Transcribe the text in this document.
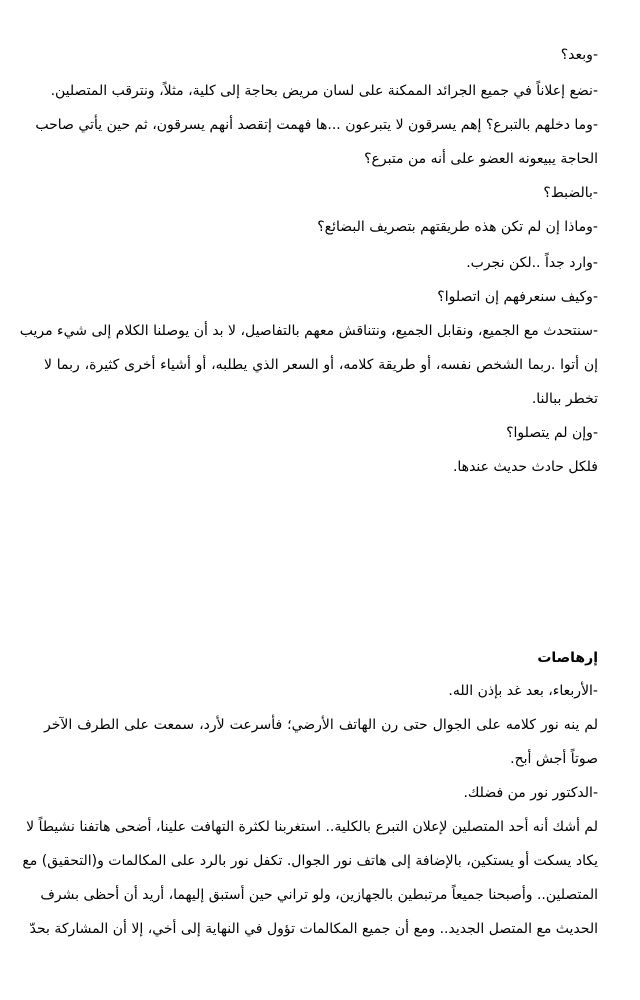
-وبعد؟
-نضع إعلاناً في جميع الجرائد الممكنة على لسان مريض بحاجة إلى كلية، مثلاً، ونترقب المتصلين.
-وما دخلهم بالتبرع؟ إهم يسرقون لا يتبرعون ...ها فهمت إتقصد أنهم يسرقون، ثم حين يأتي صاحب
الحاجة يبيعونه العضو على أنه من متبرع؟
-بالضبط؟
-وماذا إن لم تكن هذه طريقتهم بتصريف البضائع؟
-وارد جداً ..لكن نجرب.
-وكيف سنعرفهم إن اتصلوا؟
-سنتحدث مع الجميع، ونقابل الجميع، ونتناقش معهم بالتفاصيل، لا بد أن يوصلنا الكلام إلى شيء مريب
إن أتوا .ربما الشخص نفسه، أو طريقة كلامه، أو السعر الذي يطلبه، أو أشياء أخرى كثيرة، ربما لا
تخطر ببالنا.
-وإن لم يتصلوا؟
فلكل حادث حديث عندها.
إرهاصات
-الأربعاء، بعد غد بإذن الله.
لم ينه نور كلامه على الجوال حتى رن الهاتف الأرضي؛ فأسرعت لأرد، سمعت على الطرف الآخر
صوتاً أجش أبح.
-الدكتور نور من فضلك.
لم أشك أنه أحد المتصلين لإعلان التبرع بالكلية.. استغربنا لكثرة التهافت علينا، أضحى هاتفنا نشيطاً لا
يكاد يسكت أو يستكين، بالإضافة إلى هاتف نور الجوال. تكفل نور بالرد على المكالمات و(التحقيق) مع
المتصلين.. وأصبحنا جميعاً مرتبطين بالجهازين، ولو تراني حين أستبق إليهما، أريد أن أحظى بشرف
الحديث مع المتصل الجديد.. ومع أن جميع المكالمات تؤول في النهاية إلى أخي، إلا أن المشاركة بحدّ
